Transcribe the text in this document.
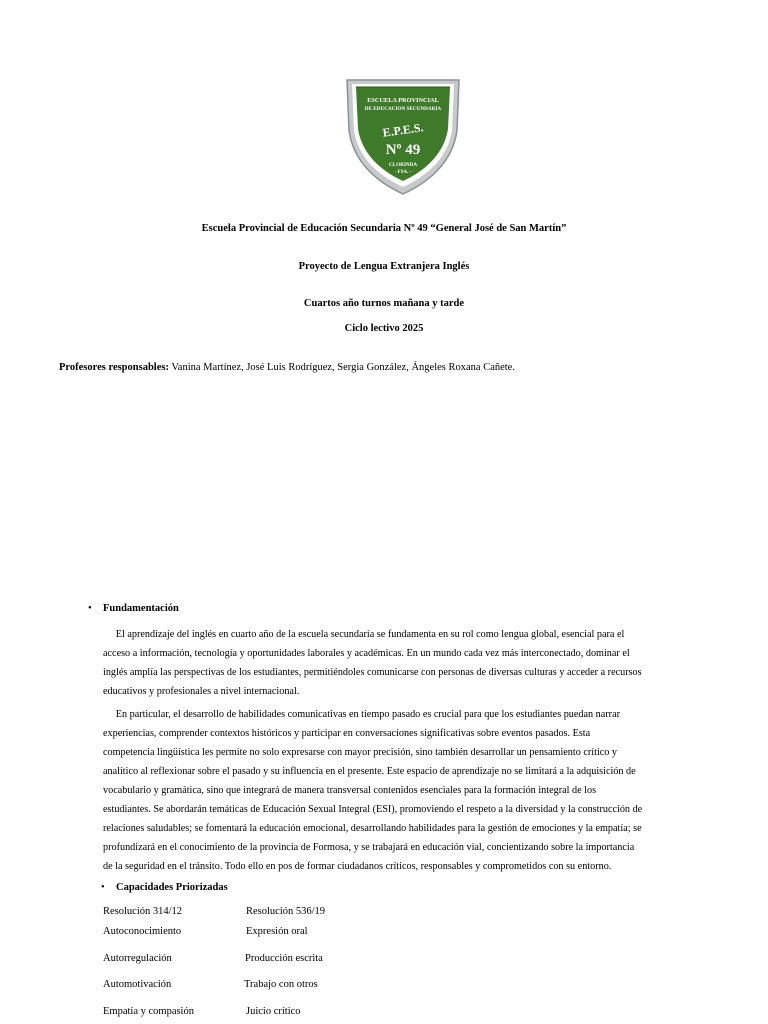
ESCUELA PROVINCIAL
DE EDUCACION SECUNDARIA
E.P.E.S.
Nº 49
CLORINDA
- FSA. -
Escuela Provincial de Educación Secundaria Nº 49 “General José de San Martín”
Proyecto de Lengua Extranjera Inglés
Cuartos año turnos mañana y tarde
Ciclo lectivo 2025
Profesores responsables: Vanina Martínez, José Luis Rodríguez, Sergia González, Ángeles Roxana Cañete.
• Fundamentación
El aprendizaje del inglés en cuarto año de la escuela secundaria se fundamenta en su rol como lengua global, esencial para el
acceso a información, tecnología y oportunidades laborales y académicas. En un mundo cada vez más interconectado, dominar el
inglés amplía las perspectivas de los estudiantes, permitiéndoles comunicarse con personas de diversas culturas y acceder a recursos
educativos y profesionales a nivel internacional.
En particular, el desarrollo de habilidades comunicativas en tiempo pasado es crucial para que los estudiantes puedan narrar
experiencias, comprender contextos históricos y participar en conversaciones significativas sobre eventos pasados. Esta
competencia lingüística les permite no solo expresarse con mayor precisión, sino también desarrollar un pensamiento crítico y
analítico al reflexionar sobre el pasado y su influencia en el presente. Este espacio de aprendizaje no se limitará a la adquisición de
vocabulario y gramática, sino que integrará de manera transversal contenidos esenciales para la formación integral de los
estudiantes. Se abordarán temáticas de Educación Sexual Integral (ESI), promoviendo el respeto a la diversidad y la construcción de
relaciones saludables; se fomentará la educación emocional, desarrollando habilidades para la gestión de emociones y la empatía; se
profundizará en el conocimiento de la provincia de Formosa, y se trabajará en educación vial, concientizando sobre la importancia
de la seguridad en el tránsito. Todo ello en pos de formar ciudadanos críticos, responsables y comprometidos con su entorno.
• Capacidades Priorizadas
Resolución 314/12	Resolución 536/19
Autoconocimiento	Expresión oral
Autorregulación	Producción escrita
Automotivación	Trabajo con otros
Empatía y compasión	Juicio crítico
